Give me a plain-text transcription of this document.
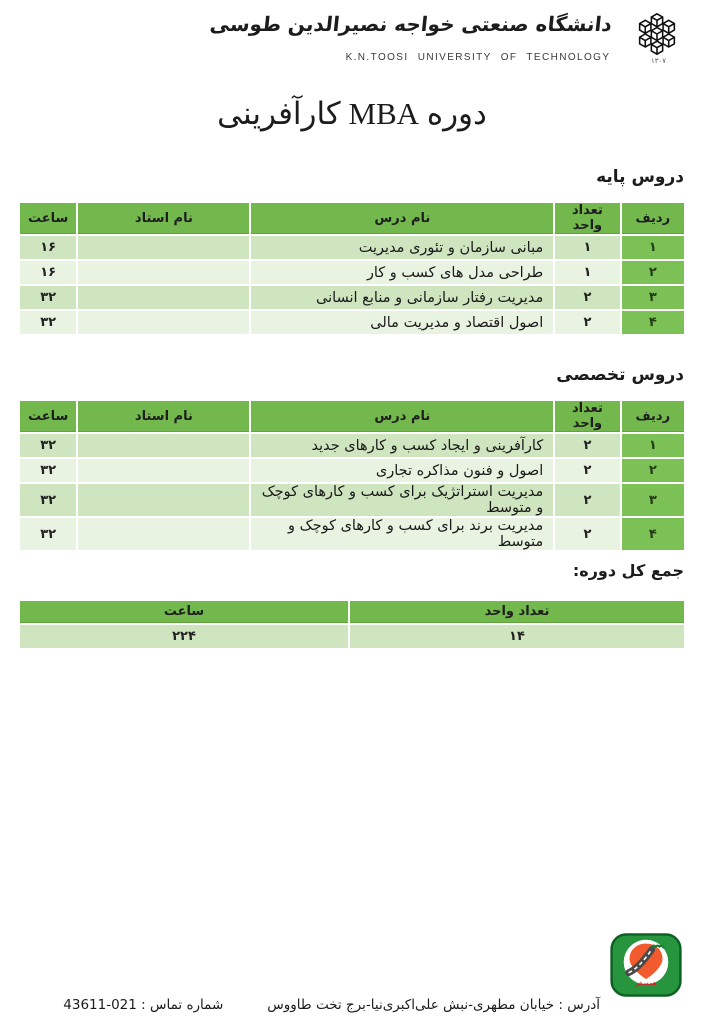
۱۳۰۷
دانشگاه صنعتی خواجه نصیرالدین طوسی
K.N.TOOSI UNIVERSITY OF TECHNOLOGY
دوره MBA کارآفرینی
دروس پایه
ردیف	تعداد واحد	نام درس	نام استاد	ساعت
۱	۱	مبانی سازمان و تئوری مدیریت		۱۶
۲	۱	طراحی مدل های کسب و کار		۱۶
۳	۲	مدیریت رفتار سازمانی و منابع انسانی		۳۲
۴	۲	اصول اقتصاد و مدیریت مالی		۳۲
دروس تخصصی
ردیف	تعداد واحد	نام درس	نام استاد	ساعت
۱	۲	کارآفرینی و ایجاد کسب و کارهای جدید		۳۲
۲	۲	اصول و فنون مذاکره تجاری		۳۲
۳	۲	مدیریت استراتژیک برای کسب و کارهای کوچک و متوسط		۳۲
۴	۲	مدیریت برند برای کسب و کارهای کوچک و متوسط		۳۲
جمع کل دوره:
تعداد واحد	ساعت
۱۴	۲۲۴
همسفر
آدرس : خیابان مطهری-نبش علی‌اکبری‌نیا-برج تخت طاووس
شماره تماس : 021-43611
